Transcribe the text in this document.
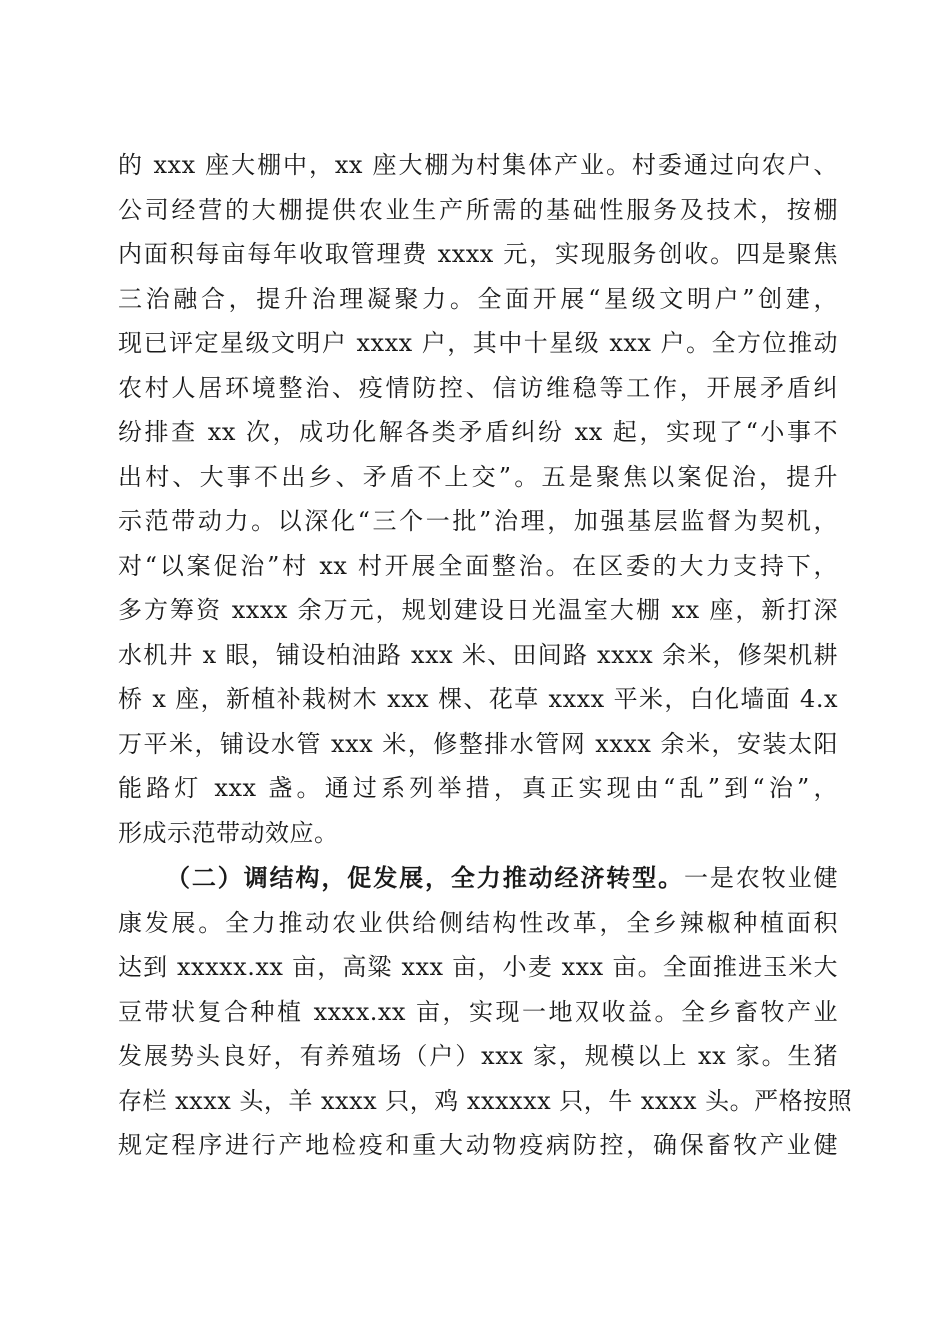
的 xxx 座大棚中，xx 座大棚为村集体产业。村委通过向农户、
公司经营的大棚提供农业生产所需的基础性服务及技术，按棚
内面积每亩每年收取管理费 xxxx 元，实现服务创收。四是聚焦
三治融合，提升治理凝聚力。全面开展“星级文明户”创建，
现已评定星级文明户 xxxx 户，其中十星级 xxx 户。全方位推动
农村人居环境整治、疫情防控、信访维稳等工作，开展矛盾纠
纷排查 xx 次，成功化解各类矛盾纠纷 xx 起，实现了“小事不
出村、大事不出乡、矛盾不上交”。五是聚焦以案促治，提升
示范带动力。以深化“三个一批”治理，加强基层监督为契机，
对“以案促治”村 xx 村开展全面整治。在区委的大力支持下，
多方筹资 xxxx 余万元，规划建设日光温室大棚 xx 座，新打深
水机井 x 眼，铺设柏油路 xxx 米、田间路 xxxx 余米，修架机耕
桥 x 座，新植补栽树木 xxx 棵、花草 xxxx 平米，白化墙面 4.x
万平米，铺设水管 xxx 米，修整排水管网 xxxx 余米，安装太阳
能路灯 xxx 盏。通过系列举措，真正实现由“乱”到“治”，
形成示范带动效应。
（二）调结构，促发展，全力推动经济转型。一是农牧业健
康发展。全力推动农业供给侧结构性改革，全乡辣椒种植面积
达到 xxxxx.xx 亩，高粱 xxx 亩，小麦 xxx 亩。全面推进玉米大
豆带状复合种植 xxxx.xx 亩，实现一地双收益。全乡畜牧产业
发展势头良好，有养殖场（户）xxx 家，规模以上 xx 家。生猪
存栏 xxxx 头，羊 xxxx 只，鸡 xxxxxx 只，牛 xxxx 头。严格按照
规定程序进行产地检疫和重大动物疫病防控，确保畜牧产业健
